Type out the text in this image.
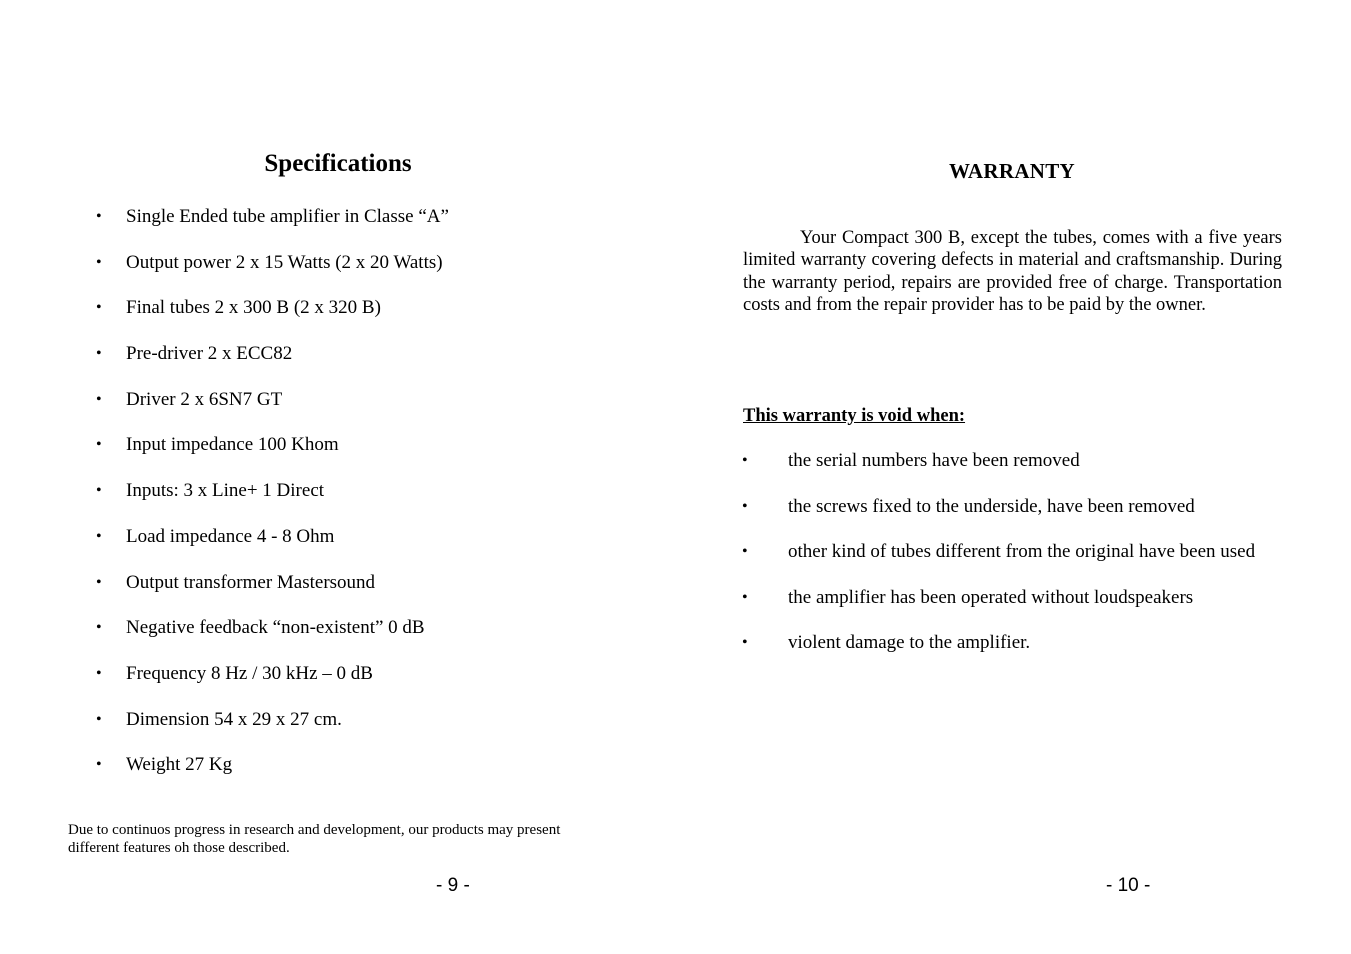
Specifications
• Single Ended tube amplifier in Classe “A”
• Output power 2 x 15 Watts (2 x 20 Watts)
• Final tubes 2 x 300 B (2 x 320 B)
• Pre-driver 2 x ECC82
• Driver 2 x 6SN7 GT
• Input impedance 100 Khom
• Inputs: 3 x Line+ 1 Direct
• Load impedance 4 - 8 Ohm
• Output transformer Mastersound
• Negative feedback “non-existent” 0 dB
• Frequency 8 Hz / 30 kHz – 0 dB
• Dimension 54 x 29 x 27 cm.
• Weight 27 Kg

Due to continuos progress in research and development, our products may present
different features oh those described.

- 9 -

WARRANTY

Your Compact 300 B, except the tubes, comes with a five years limited warranty covering defects in material and craftsmanship. During the warranty period, repairs are provided free of charge. Transportation costs and from the repair provider has to be paid by the owner.

This warranty is void when:

• the serial numbers have been removed
• the screws fixed to the underside, have been removed
• other kind of tubes different from the original have been used
• the amplifier has been operated without loudspeakers
• violent damage to the amplifier.

- 10 -
